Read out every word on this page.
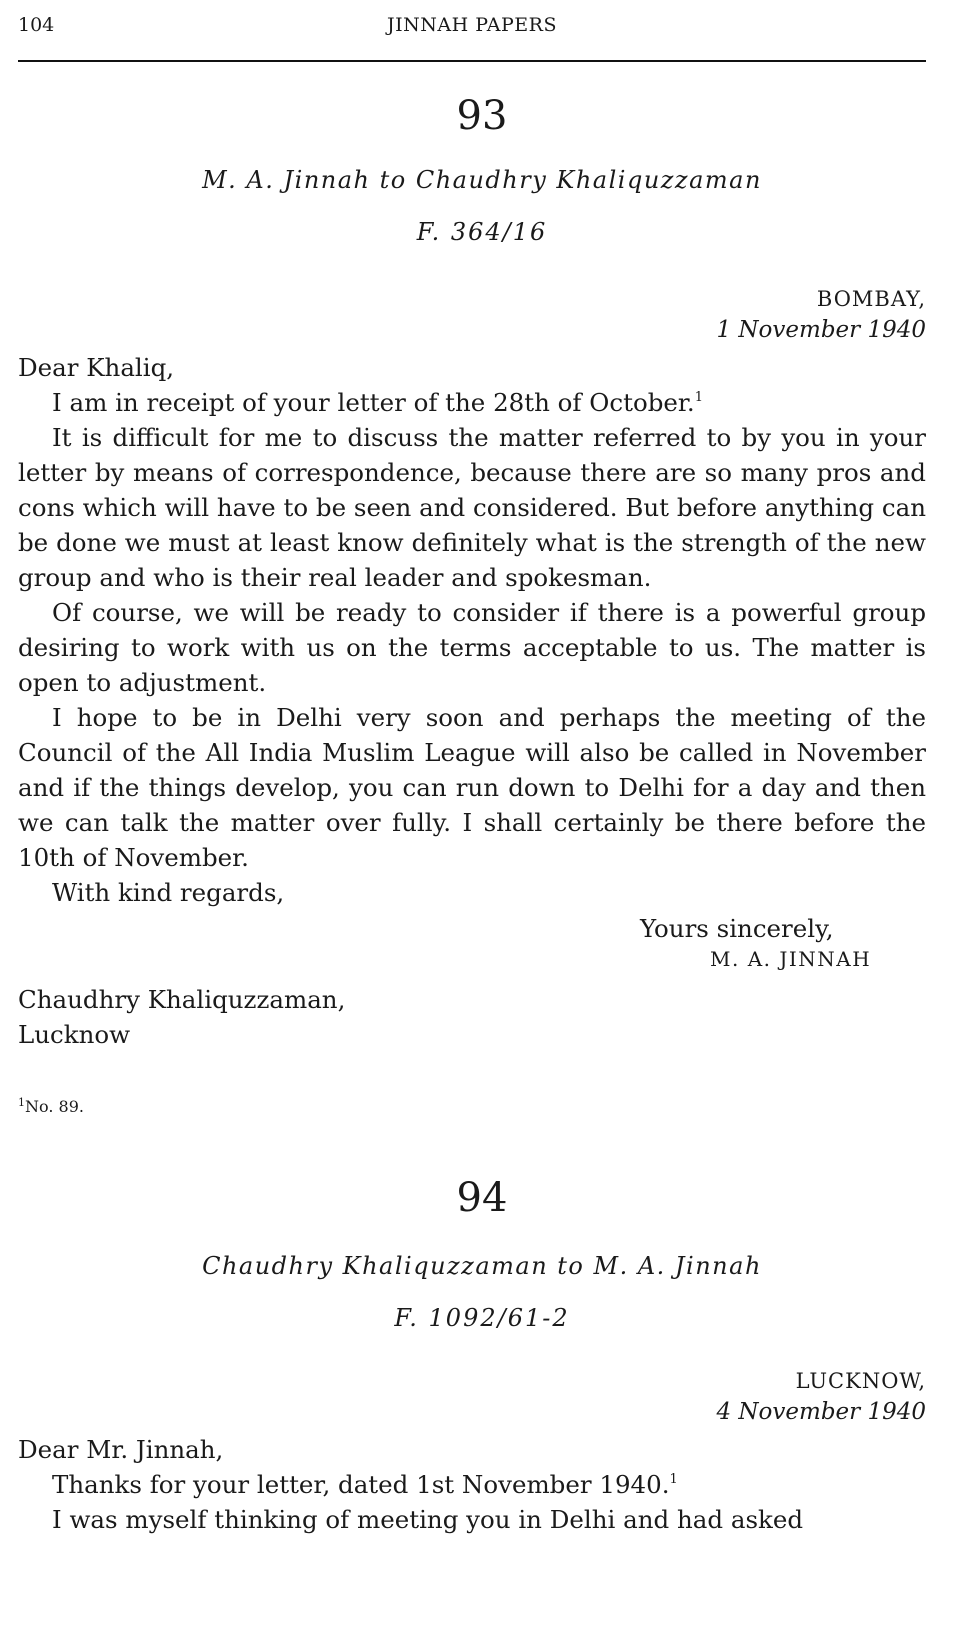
104	JINNAH PAPERS
93
M. A. Jinnah to Chaudhry Khaliquzzaman
F. 364/16
BOMBAY,
1 November 1940
Dear Khaliq,

I am in receipt of your letter of the 28th of October.$^1$

It is difficult for me to discuss the matter referred to by you in your letter by means of correspondence, because there are so many pros and cons which will have to be seen and considered. But before anything can be done we must at least know definitely what is the strength of the new group and who is their real leader and spokesman.

Of course, we will be ready to consider if there is a powerful group desiring to work with us on the terms acceptable to us. The matter is open to adjustment.

I hope to be in Delhi very soon and perhaps the meeting of the Council of the All India Muslim League will also be called in November and if the things develop, you can run down to Delhi for a day and then we can talk the matter over fully. I shall certainly be there before the 10th of November.

With kind regards,
Yours sincerely,
M. A. JINNAH
Chaudhry Khaliquzzaman,
Lucknow
$^1$No. 89.
94
Chaudhry Khaliquzzaman to M. A. Jinnah
F. 1092/61-2
LUCKNOW,
4 November 1940
Dear Mr. Jinnah,

Thanks for your letter, dated 1st November 1940.$^1$

I was myself thinking of meeting you in Delhi and had asked
